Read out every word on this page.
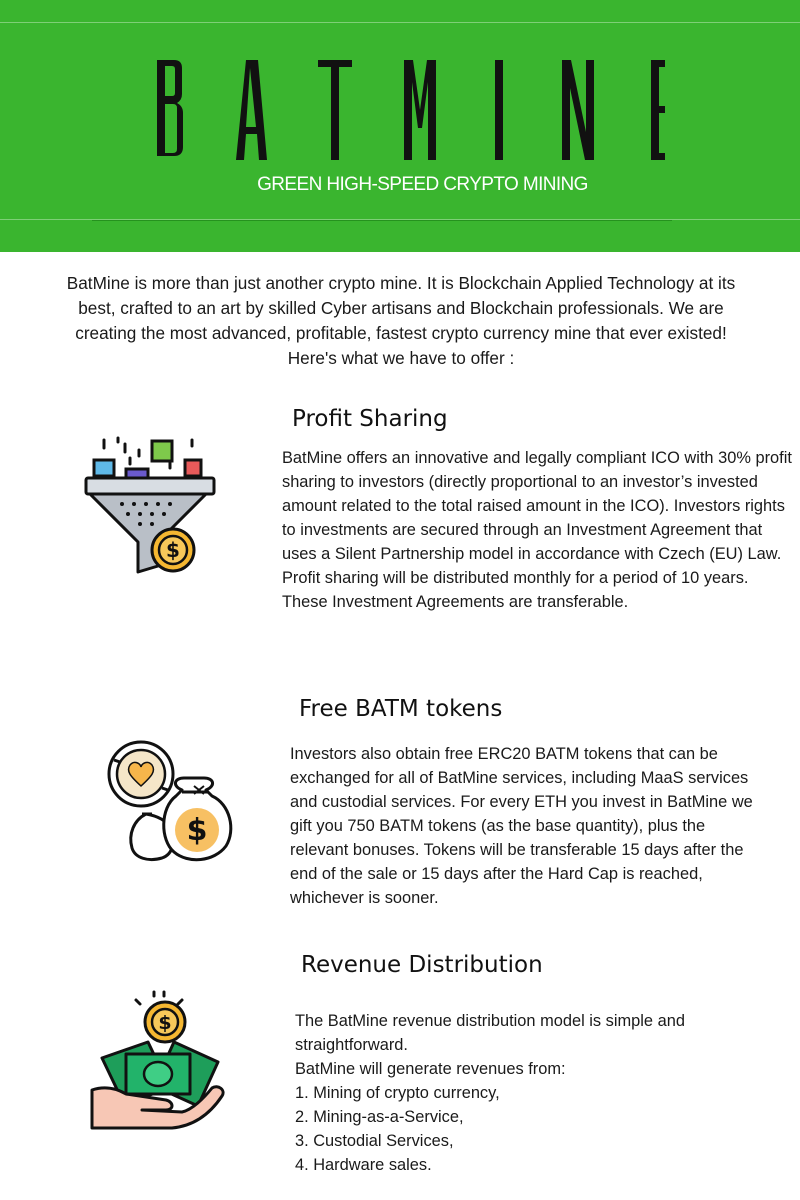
GREEN HIGH-SPEED CRYPTO MINING
BatMine is more than just another crypto mine. It is Blockchain Applied Technology at its best, crafted to an art by skilled Cyber artisans and Blockchain professionals. We are creating the most advanced, profitable, fastest crypto currency mine that ever existed! Here's what we have to offer :
$
Profit Sharing
BatMine offers an innovative and legally compliant ICO with 30% profit sharing to investors (directly proportional to an investor’s invested amount related to the total raised amount in the ICO). Investors rights to investments are secured through an Investment Agreement that uses a Silent Partnership model in accordance with Czech (EU) Law. Profit sharing will be distributed monthly for a period of 10 years. These Investment Agreements are transferable.
$
Free BATM tokens
Investors also obtain free ERC20 BATM tokens that can be exchanged for all of BatMine services, including MaaS services and custodial services. For every ETH you invest in BatMine we gift you 750 BATM tokens (as the base quantity), plus the relevant bonuses. Tokens will be transferable 15 days after the end of the sale or 15 days after the Hard Cap is reached, whichever is sooner.
$
Revenue Distribution
The BatMine revenue distribution model is simple and straightforward.
BatMine will generate revenues from:
1. Mining of crypto currency,
2. Mining-as-a-Service,
3. Custodial Services,
4. Hardware sales.
